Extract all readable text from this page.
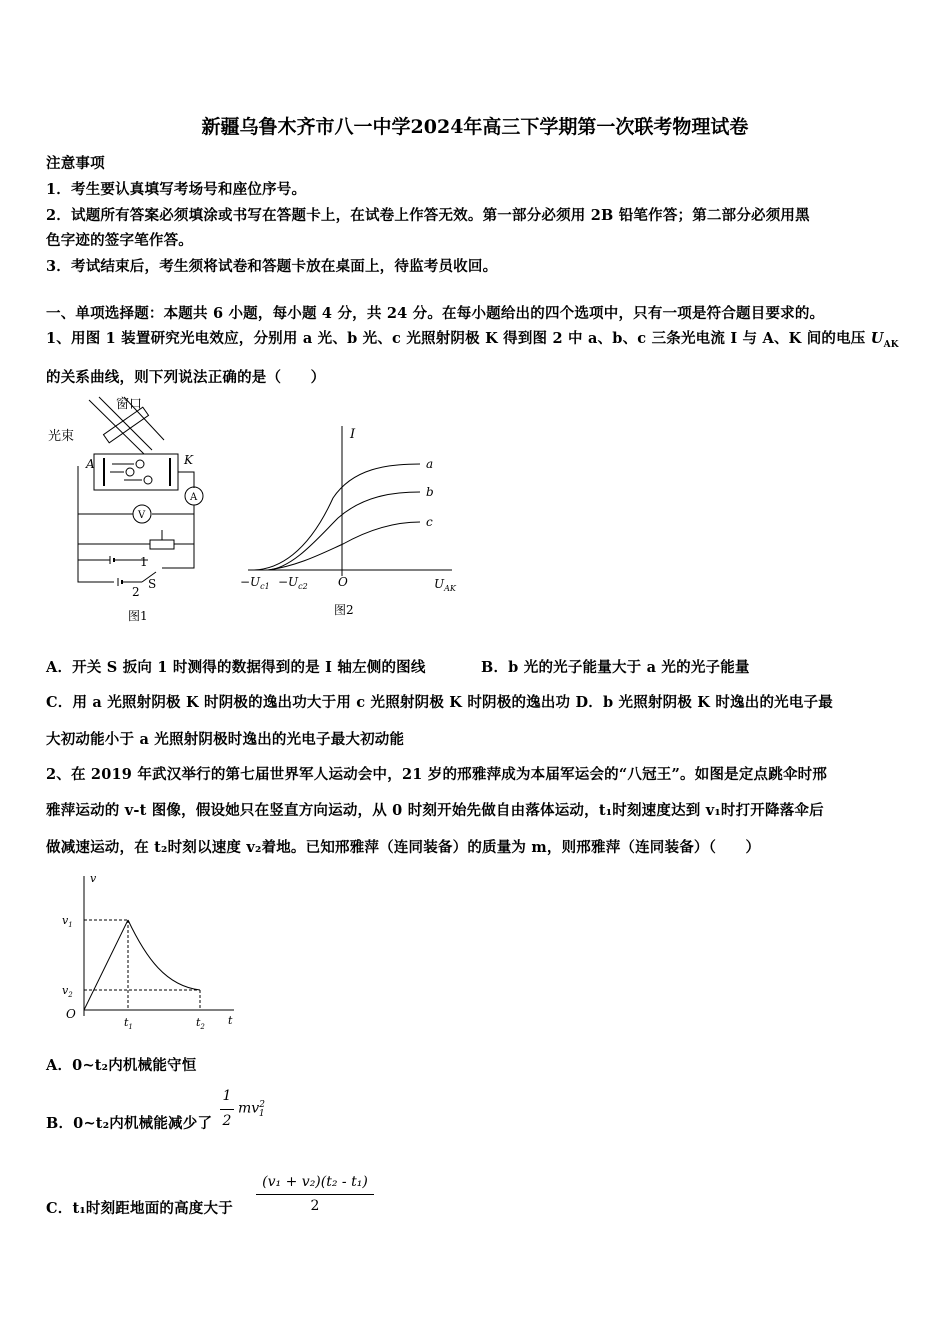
新疆乌鲁木齐市八一中学2024年高三下学期第一次联考物理试卷
注意事项
1．考生要认真填写考场号和座位序号。
2．试题所有答案必须填涂或书写在答题卡上，在试卷上作答无效。第一部分必须用 2B 铅笔作答；第二部分必须用黑
色字迹的签字笔作答。
3．考试结束后，考生须将试卷和答题卡放在桌面上，待监考员收回。
一、单项选择题：本题共 6 小题，每小题 4 分，共 24 分。在每小题给出的四个选项中，只有一项是符合题目要求的。
1、用图 1 装置研究光电效应，分别用 a 光、b 光、c 光照射阴极 K 得到图 2 中 a、b、c 三条光电流 I 与 A、K 间的电压 $U_{AK}$
的关系曲线，则下列说法正确的是（　　）
窗口
光束
A	K
A
V
1
2
S
图1
I
a
b
c
$-U_{c1} -U_{c2}$	O	$U_{AK}$
图2
A．开关 S 扳向 1 时测得的数据得到的是 I 轴左侧的图线	B．b 光的光子能量大于 a 光的光子能量
C．用 a 光照射阴极 K 时阴极的逸出功大于用 c 光照射阴极 K 时阴极的逸出功 D．b 光照射阴极 K 时逸出的光电子最
大初动能小于 a 光照射阴极时逸出的光电子最大初动能
2、在 2019 年武汉举行的第七届世界军人运动会中，21 岁的邢雅萍成为本届军运会的“八冠王”。如图是定点跳伞时邢
雅萍运动的 v-t 图像，假设她只在竖直方向运动，从 0 时刻开始先做自由落体运动，t₁时刻速度达到 v₁时打开降落伞后
做减速运动，在 t₂时刻以速度 v₂着地。已知邢雅萍（连同装备）的质量为 m，则邢雅萍（连同装备）（　　）
v
$v_1$
$v_2$
O
$t_1$	$t_2$ t
A．0~t₂内机械能守恒
B．0~t₂内机械能减少了
1
2
$mv^2_1$
C．t₁时刻距地面的高度大于
(v₁ + v₂)(t₂ - t₁)
2
